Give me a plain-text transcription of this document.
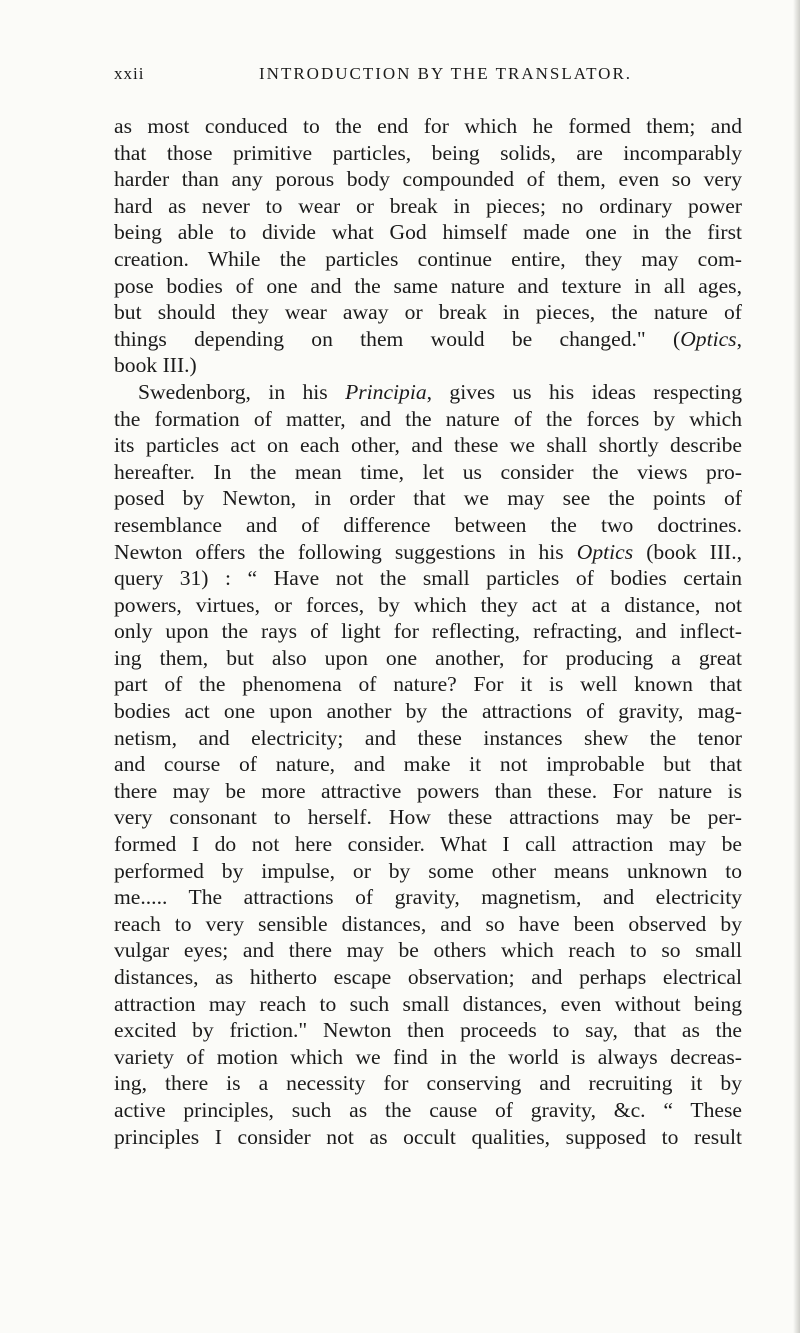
xxii	INTRODUCTION BY THE TRANSLATOR.
as most conduced to the end for which he formed them; and
that those primitive particles, being solids, are incomparably
harder than any porous body compounded of them, even so very
hard as never to wear or break in pieces; no ordinary power
being able to divide what God himself made one in the first
creation. While the particles continue entire, they may com-
pose bodies of one and the same nature and texture in all ages,
but should they wear away or break in pieces, the nature of
things depending on them would be changed." (Optics,
book III.)
Swedenborg, in his Principia, gives us his ideas respecting
the formation of matter, and the nature of the forces by which
its particles act on each other, and these we shall shortly describe
hereafter. In the mean time, let us consider the views pro-
posed by Newton, in order that we may see the points of
resemblance and of difference between the two doctrines.
Newton offers the following suggestions in his Optics (book III.,
query 31) : “ Have not the small particles of bodies certain
powers, virtues, or forces, by which they act at a distance, not
only upon the rays of light for reflecting, refracting, and inflect-
ing them, but also upon one another, for producing a great
part of the phenomena of nature? For it is well known that
bodies act one upon another by the attractions of gravity, mag-
netism, and electricity; and these instances shew the tenor
and course of nature, and make it not improbable but that
there may be more attractive powers than these. For nature is
very consonant to herself. How these attractions may be per-
formed I do not here consider. What I call attraction may be
performed by impulse, or by some other means unknown to
me..... The attractions of gravity, magnetism, and electricity
reach to very sensible distances, and so have been observed by
vulgar eyes; and there may be others which reach to so small
distances, as hitherto escape observation; and perhaps electrical
attraction may reach to such small distances, even without being
excited by friction." Newton then proceeds to say, that as the
variety of motion which we find in the world is always decreas-
ing, there is a necessity for conserving and recruiting it by
active principles, such as the cause of gravity, &c. “ These
principles I consider not as occult qualities, supposed to result
